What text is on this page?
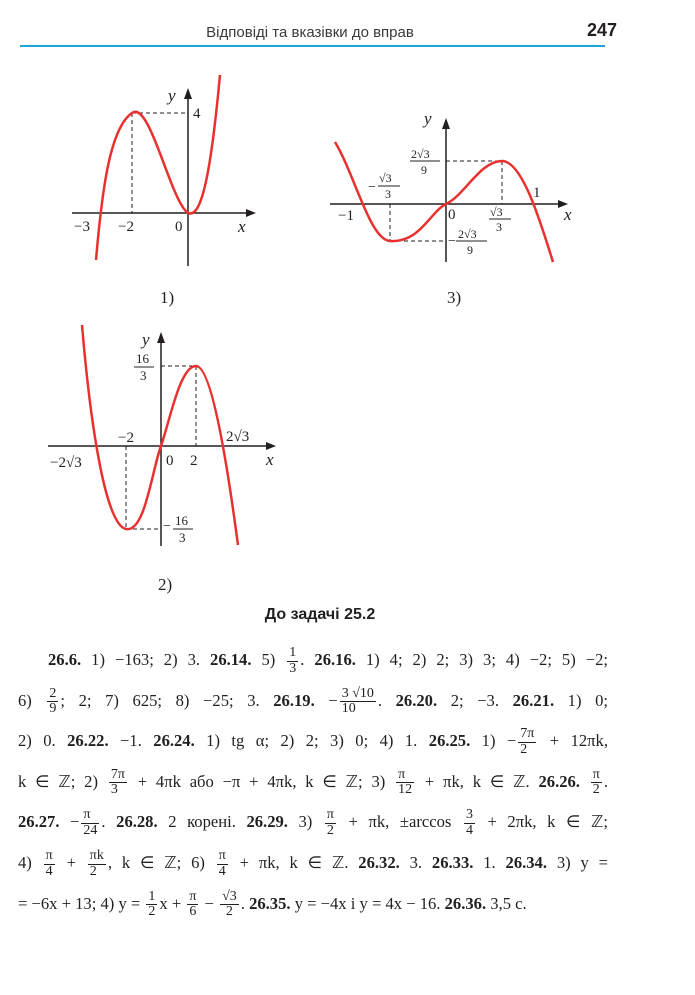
Відповіді та вказівки до вправ	247
y
x
4
−3 −2	0
1)
y
x
0
−1
1
2√3
9
− 2√3
9
−
√3
3
√3
3
3)
y
x
−2
0 2
2√3
−2√3
16
3
− 16
3
2)
До задачі 25.2
26.6. 1) −163; 2) 3. 26.14. $5) \frac{1}{3}$ . 26.16. 1) 4; 2) 2; 3) 3; 4) −2; 5) −2;
$6) \frac{2}{9}$ ; 2; 7) 625; 8) −25; 3. 26.19. − $\frac{3 √10}{10}$ . 26.20. 2; −3. 26.21. 1) 0;
2) 0. 26.22. −1. 26.24. 1) tg α; 2) 2; 3) 0; 4) 1. 26.25. $1) - \frac{7\pi}{2} + 12\pi k$,
k ∈ ℤ; $2) \frac{7\pi}{3} + 4\pi k$ або −π + 4πk, k ∈ ℤ; $3) \frac{\pi}{12} + \pi k$, k ∈ ℤ. 26.26. $\frac{\pi}{2}$ .
26.27. − $\frac{\pi}{24}$ . 26.28. 2 корені. 26.29. $3) \frac{\pi}{2} + \pi k$, $\pm\arccos \frac{3}{4} + 2\pi k$, k ∈ ℤ;
$4) \frac{\pi}{4} + \frac{\pi k}{2}$ , k ∈ ℤ; $6) \frac{\pi}{4} + \pi k$, k ∈ ℤ. 26.32. 3. 26.33. 1. 26.34. 3) y =
= −6x + 13; 4) $y = \frac{1}{2}$ $x + \frac{\pi}{6} - \frac{√3}{2}$ . 26.35. y = −4x і y = 4x − 16. 26.36. 3,5 с.
